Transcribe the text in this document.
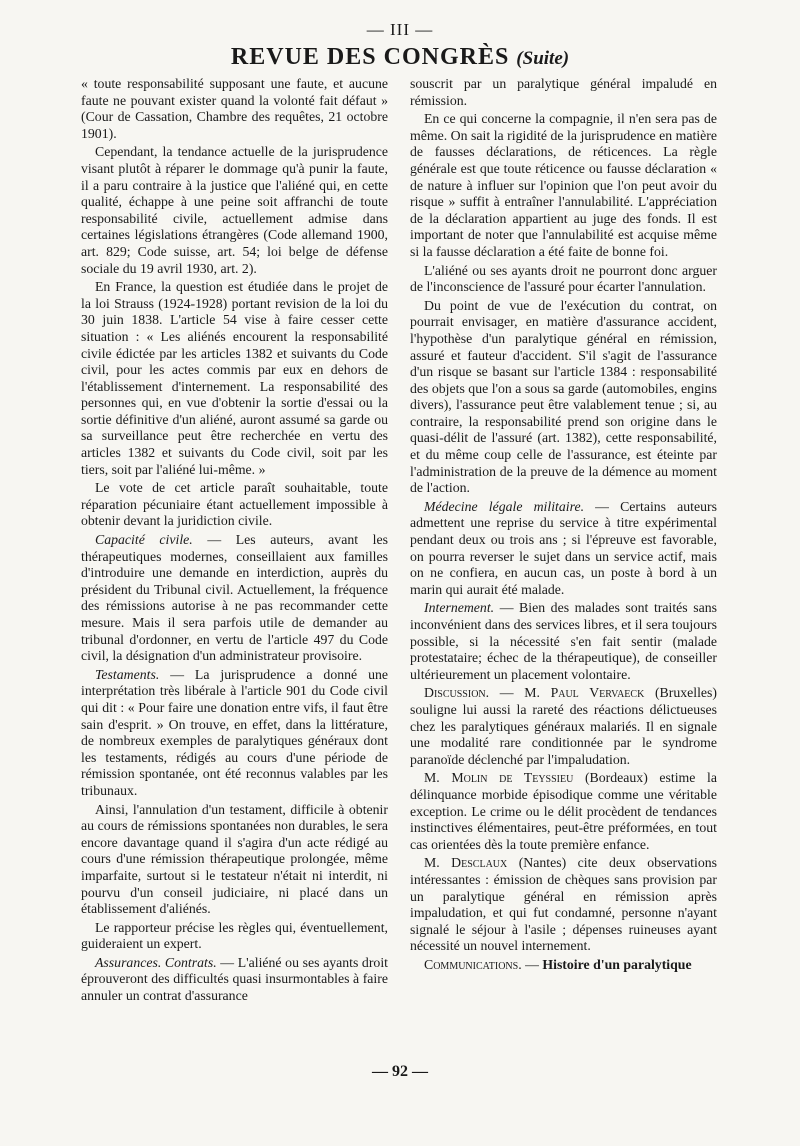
— III —
REVUE DES CONGRÈS (Suite)

« toute responsabilité supposant une faute, et aucune faute ne pouvant exister quand la volonté fait défaut » (Cour de Cassation, Chambre des requêtes, 21 octobre 1901).

Cependant, la tendance actuelle de la jurisprudence visant plutôt à réparer le dommage qu'à punir la faute, il a paru contraire à la justice que l'aliéné qui, en cette qualité, échappe à une peine soit affranchi de toute responsabilité civile, actuellement admise dans certaines législations étrangères (Code allemand 1900, art. 829; Code suisse, art. 54; loi belge de défense sociale du 19 avril 1930, art. 2).

En France, la question est étudiée dans le projet de la loi Strauss (1924-1928) portant revision de la loi du 30 juin 1838. L'article 54 vise à faire cesser cette situation : « Les aliénés encourent la responsabilité civile édictée par les articles 1382 et suivants du Code civil, pour les actes commis par eux en dehors de l'établissement d'internement. La responsabilité des personnes qui, en vue d'obtenir la sortie d'essai ou la sortie définitive d'un aliéné, auront assumé sa garde ou sa surveillance peut être recherchée en vertu des articles 1382 et suivants du Code civil, soit par les tiers, soit par l'aliéné lui-même. »

Le vote de cet article paraît souhaitable, toute réparation pécuniaire étant actuellement impossible à obtenir devant la juridiction civile.

Capacité civile. — Les auteurs, avant les thérapeutiques modernes, conseillaient aux familles d'introduire une demande en interdiction, auprès du président du Tribunal civil. Actuellement, la fréquence des rémissions autorise à ne pas recommander cette mesure. Mais il sera parfois utile de demander au tribunal d'ordonner, en vertu de l'article 497 du Code civil, la désignation d'un administrateur provisoire.

Testaments. — La jurisprudence a donné une interprétation très libérale à l'article 901 du Code civil qui dit : « Pour faire une donation entre vifs, il faut être sain d'esprit. » On trouve, en effet, dans la littérature, de nombreux exemples de paralytiques généraux dont les testaments, rédigés au cours d'une période de rémission spontanée, ont été reconnus valables par les tribunaux.

Ainsi, l'annulation d'un testament, difficile à obtenir au cours de rémissions spontanées non durables, le sera encore davantage quand il s'agira d'un acte rédigé au cours d'une rémission thérapeutique prolongée, même imparfaite, surtout si le testateur n'était ni interdit, ni pourvu d'un conseil judiciaire, ni placé dans un établissement d'aliénés.

Le rapporteur précise les règles qui, éventuellement, guideraient un expert.

Assurances. Contrats. — L'aliéné ou ses ayants droit éprouveront des difficultés quasi insurmontables à faire annuler un contrat d'assurance

souscrit par un paralytique général impaludé en rémission.

En ce qui concerne la compagnie, il n'en sera pas de même. On sait la rigidité de la jurisprudence en matière de fausses déclarations, de réticences. La règle générale est que toute réticence ou fausse déclaration « de nature à influer sur l'opinion que l'on peut avoir du risque » suffit à entraîner l'annulabilité. L'appréciation de la déclaration appartient au juge des fonds. Il est important de noter que l'annulabilité est acquise même si la fausse déclaration a été faite de bonne foi.

L'aliéné ou ses ayants droit ne pourront donc arguer de l'inconscience de l'assuré pour écarter l'annulation.

Du point de vue de l'exécution du contrat, on pourrait envisager, en matière d'assurance accident, l'hypothèse d'un paralytique général en rémission, assuré et fauteur d'accident. S'il s'agit de l'assurance d'un risque se basant sur l'article 1384 : responsabilité des objets que l'on a sous sa garde (automobiles, engins divers), l'assurance peut être valablement tenue ; si, au contraire, la responsabilité prend son origine dans le quasi-délit de l'assuré (art. 1382), cette responsabilité, et du même coup celle de l'assurance, est éteinte par l'administration de la preuve de la démence au moment de l'action.

Médecine légale militaire. — Certains auteurs admettent une reprise du service à titre expérimental pendant deux ou trois ans ; si l'épreuve est favorable, on pourra reverser le sujet dans un service actif, mais on ne confiera, en aucun cas, un poste à bord à un marin qui aurait été malade.

Internement. — Bien des malades sont traités sans inconvénient dans des services libres, et il sera toujours possible, si la nécessité s'en fait sentir (malade protestataire; échec de la thérapeutique), de conseiller ultérieurement un placement volontaire.

Discussion. — M. Paul Vervaeck (Bruxelles) souligne lui aussi la rareté des réactions délictueuses chez les paralytiques généraux malariés. Il en signale une modalité rare conditionnée par le syndrome paranoïde déclenché par l'impaludation.

M. Molin de Teyssieu (Bordeaux) estime la délinquance morbide épisodique comme une véritable exception. Le crime ou le délit procèdent de tendances instinctives élémentaires, peut-être préformées, en tout cas orientées dès la toute première enfance.

M. Desclaux (Nantes) cite deux observations intéressantes : émission de chèques sans provision par un paralytique général en rémission après impaludation, et qui fut condamné, personne n'ayant signalé le séjour à l'asile ; dépenses ruineuses ayant nécessité un nouvel internement.

Communications. — Histoire d'un paralytique

— 92 —
